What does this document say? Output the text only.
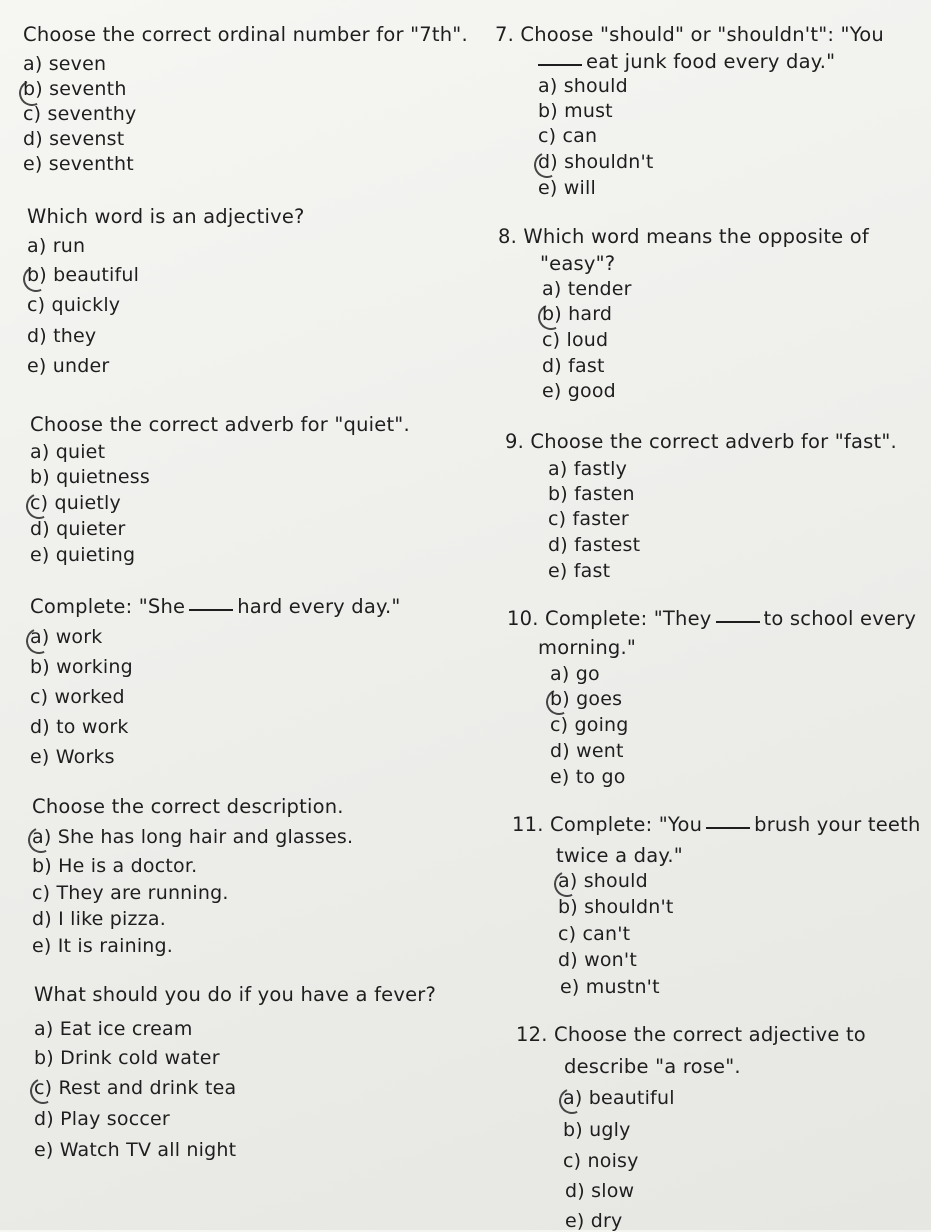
Choose the correct ordinal number for "7th".
a) seven
b) seventh
c) seventhy
d) sevenst
e) seventht
Which word is an adjective?
a) run
b) beautiful
c) quickly
d) they
e) under
Choose the correct adverb for "quiet".
a) quiet
b) quietness
c) quietly
d) quieter
e) quieting
Complete: "She	hard every day."
a) work
b) working
c) worked
d) to work
e) Works
Choose the correct description.
a) She has long hair and glasses.
b) He is a doctor.
c) They are running.
d) I like pizza.
e) It is raining.
What should you do if you have a fever?
a) Eat ice cream
b) Drink cold water
c) Rest and drink tea
d) Play soccer
e) Watch TV all night
7. Choose "should" or "shouldn't": "You
eat junk food every day."
a) should
b) must
c) can
d) shouldn't
e) will
8. Which word means the opposite of
"easy"?
a) tender
b) hard
c) loud
d) fast
e) good
9. Choose the correct adverb for "fast".
a) fastly
b) fasten
c) faster
d) fastest
e) fast
10. Complete: "They	to school every
morning."
a) go
b) goes
c) going
d) went
e) to go
11. Complete: "You	brush your teeth
twice a day."
a) should
b) shouldn't
c) can't
d) won't
e) mustn't
12. Choose the correct adjective to
describe "a rose".
a) beautiful
b) ugly
c) noisy
d) slow
e) dry
